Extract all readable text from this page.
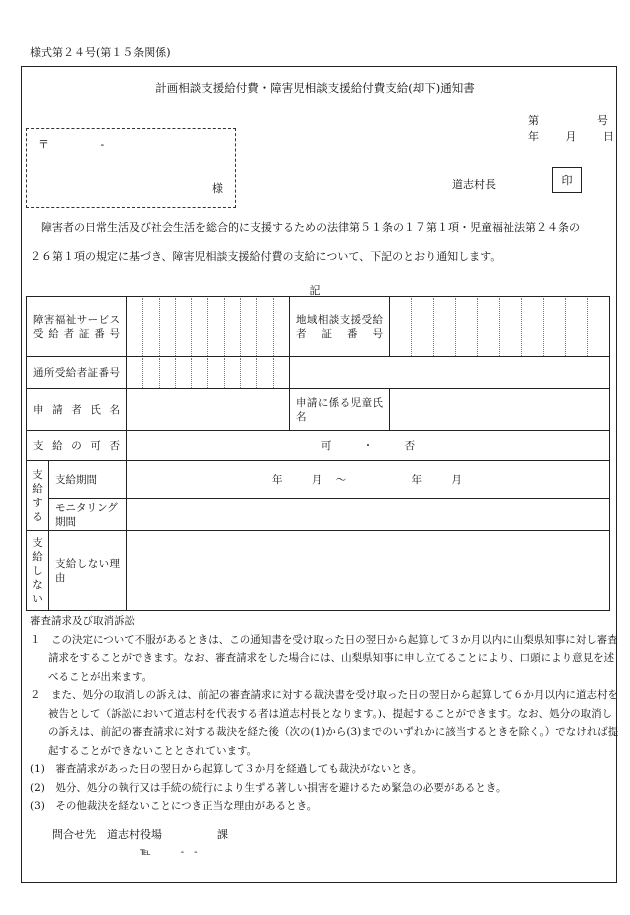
様式第２４号(第１５条関係)
計画相談支援給付費・障害児相談支援給付費支給(却下)通知書
第	号
年 月 日
〒	-
様	道志村長	印
　障害者の日常生活及び社会生活を総合的に支援するための法律第５１条の１７第１項・児童福祉法第２４条の
２６第１項の規定に基づき、障害児相談支援給付費の支給について、下記のとおり通知します。
記
障害福祉サービス受給者証番号			地域相談支援受給者証番号	

通所受給者証番号				

申請者氏名			申請に係る児童氏名	

支給の可否		可 ・ 否		
支給する	支給期間	年 月 ～ 年 月		
	モニタリング期間			
支給しない	支給しない理由			

審査請求及び取消訴訟
１　この決定について不服があるときは、この通知書を受け取った日の翌日から起算して３か月以内に山梨県知事に対し審査請求をすることができます。なお、審査請求をした場合には、山梨県知事に申し立てることにより、口頭により意見を述べることが出来ます。
２　また、処分の取消しの訴えは、前記の審査請求に対する裁決書を受け取った日の翌日から起算して６か月以内に道志村を被告として（訴訟において道志村を代表する者は道志村長となります。)、提起することができます。なお、処分の取消しの訴えは、前記の審査請求に対する裁決を経た後（次の(1)から(3)までのいずれかに該当するときを除く。）でなければ提起することができないこととされています。
(1)　審査請求があった日の翌日から起算して３か月を経過しても裁決がないとき。
(2)　処分、処分の執行又は手続の続行により生ずる著しい損害を避けるため緊急の必要があるとき。
(3)　その他裁決を経ないことにつき正当な理由があるとき。
問合せ先　道志村役場　　　　　課
℡　　　-　-
